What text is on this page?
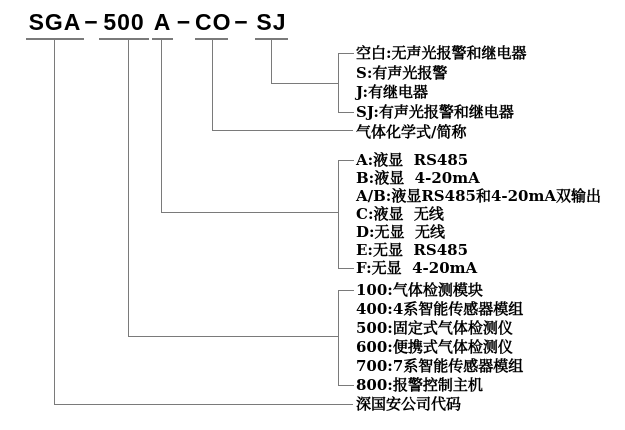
SGA − 500 A − CO − SJ
空白:无声光报警和继电器
S:有声光报警
J:有继电器
SJ:有声光报警和继电器
气体化学式/简称
A:液显  RS485
B:液显  4-20mA
A/B:液显RS485和4-20mA双输出
C:液显  无线
D:无显  无线
E:无显  RS485
F:无显  4-20mA
100:气体检测模块
400:4系智能传感器模组
500:固定式气体检测仪
600:便携式气体检测仪
700:7系智能传感器模组
800:报警控制主机
深国安公司代码
